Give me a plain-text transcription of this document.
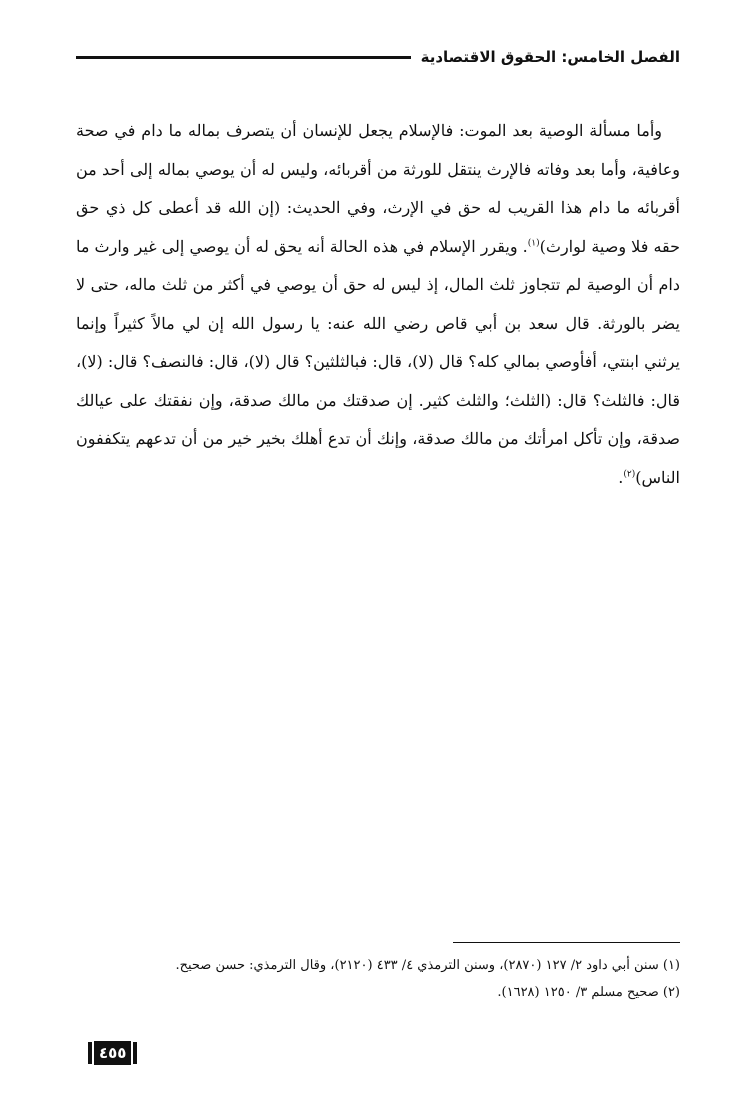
الفصل الخامس: الحقوق الاقتصادية

وأما مسألة الوصية بعد الموت: فالإسلام يجعل للإنسان أن يتصرف بماله ما دام في صحة وعافية، وأما بعد وفاته فالإرث ينتقل للورثة من أقربائه، وليس له أن يوصي بماله إلى أحد من أقربائه ما دام هذا القريب له حق في الإرث، وفي الحديث: (إن الله قد أعطى كل ذي حق حقه فلا وصية لوارث)$^{(١)}$. ويقرر الإسلام في هذه الحالة أنه يحق له أن يوصي إلى غير وارث ما دام أن الوصية لم تتجاوز ثلث المال، إذ ليس له حق أن يوصي في أكثر من ثلث ماله، حتى لا يضر بالورثة. قال سعد بن أبي قاص رضي الله عنه: يا رسول الله إن لي مالاً كثيراً وإنما يرثني ابنتي، أفأوصي بمالي كله؟ قال (لا)، قال: فبالثلثين؟ قال (لا)، قال: فالنصف؟ قال: (لا)، قال: فالثلث؟ قال: (الثلث؛ والثلث كثير. إن صدقتك من مالك صدقة، وإن نفقتك على عيالك صدقة، وإن تأكل امرأتك من مالك صدقة، وإنك أن تدع أهلك بخير خير من أن تدعهم يتكففون الناس)$^{(٢)}$.

(١) سنن أبي داود ٢/ ١٢٧ (٢٨٧٠)، وسنن الترمذي ٤/ ٤٣٣ (٢١٢٠)، وقال الترمذي: حسن صحيح.
(٢) صحيح مسلم ٣/ ١٢٥٠ (١٦٢٨).
٤٥٥
